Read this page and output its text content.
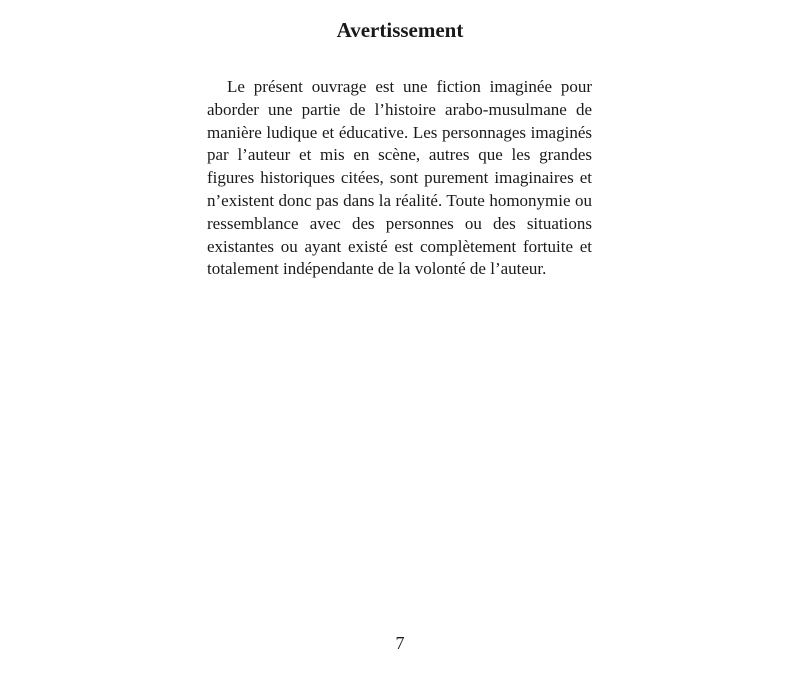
Avertissement

Le présent ouvrage est une fiction imaginée pour aborder une partie de l’histoire arabo-musulmane de manière ludique et éducative. Les personnages imaginés par l’auteur et mis en scène, autres que les grandes figures historiques citées, sont purement imaginaires et n’existent donc pas dans la réalité. Toute homonymie ou ressemblance avec des personnes ou des situations existantes ou ayant existé est complètement fortuite et totalement indépendante de la volonté de l’auteur.

7
